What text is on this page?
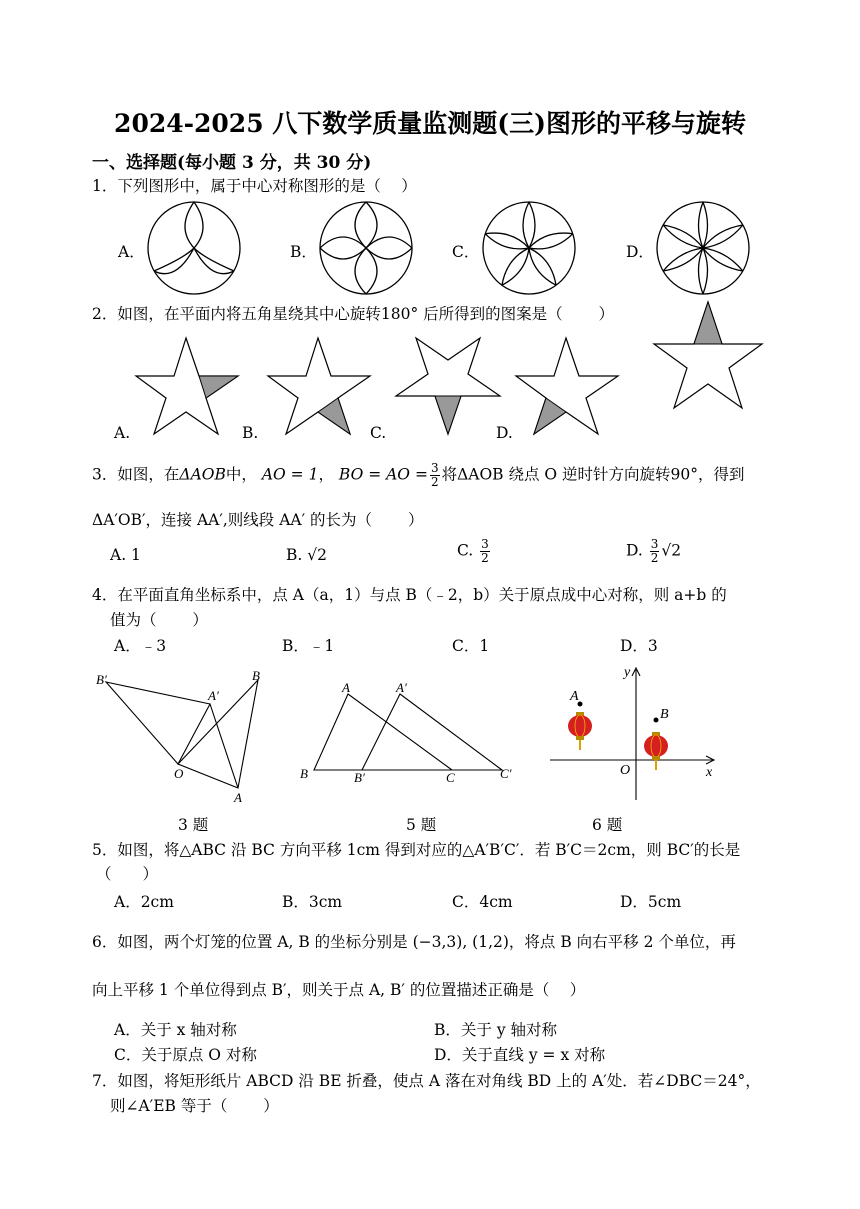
2024-2025 八下数学质量监测题(三)图形的平移与旋转
一、选择题(每小题 3 分，共 30 分)
1．下列图形中，属于中心对称图形的是（　 ）
A．	B．	C．	D．
2．如图，在平面内将五角星绕其中心旋转180° 后所得到的图案是（　 　）
A.	B.	C.	D.
3．如图，在ΔAOB中， AO = 1， BO = AO = $\frac{3}{2}$ 将ΔAOB 绕点 O 逆时针方向旋转90°，得到
ΔA′OB′，连接 AA′,则线段 AA′ 的长为（　 　）
A. 1	B. √2	C. $\frac{3}{2}$	D. $\frac{3}{2} √2$
4．在平面直角坐标系中，点 A（a，1）与点 B（﹣2，b）关于原点成中心对称，则 a+b 的
值为（　 　）
A．﹣3	B．﹣1	C．1	D．3
B′
A′
B
O
A
3 题
A	A′
B	B′	C	C′
5 题
y
A
B
O	x
6 题
5．如图，将△ABC 沿 BC 方向平移 1cm 得到对应的△A′B′C′．若 B′C＝2cm，则 BC′的长是
（　　）
A．2cm	B．3cm	C．4cm	D．5cm
6．如图，两个灯笼的位置 A, B 的坐标分别是 (−3,3), (1,2)，将点 B 向右平移 2 个单位，再
向上平移 1 个单位得到点 B′，则关于点 A, B′ 的位置描述正确是（　 ）
A．关于 x 轴对称	B．关于 y 轴对称
C．关于原点 O 对称	D．关于直线 y = x 对称
7．如图，将矩形纸片 ABCD 沿 BE 折叠，使点 A 落在对角线 BD 上的 A′处．若∠DBC＝24°，
则∠A′EB 等于（　 　）
